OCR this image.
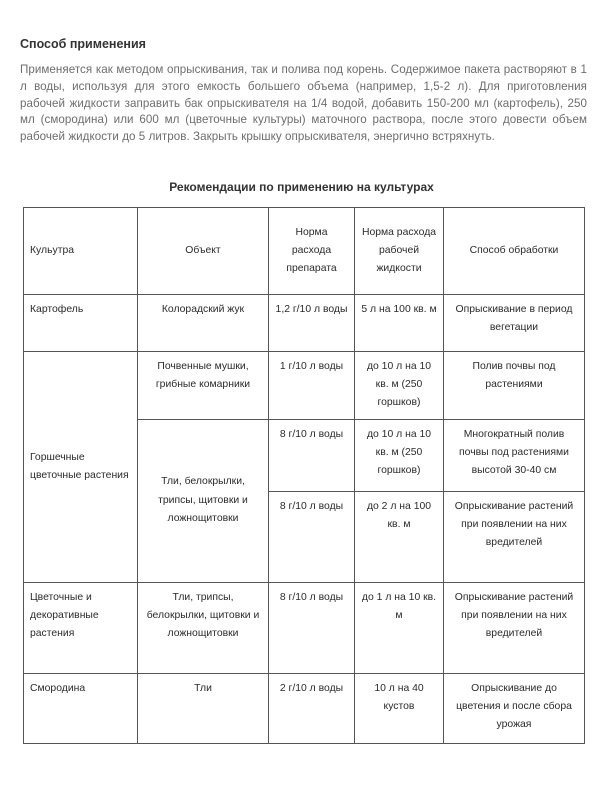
Способ применения
Применяется как методом опрыскивания, так и полива под корень. Содержимое пакета растворяют в 1 л воды, используя для этого емкость большего объема (например, 1,5-2 л). Для приготовления рабочей жидкости заправить бак опрыскивателя на 1/4 водой, добавить 150-200 мл (картофель), 250 мл (смородина) или 600 мл (цветочные культуры) маточного раствора, после этого довести объем рабочей жидкости до 5 литров. Закрыть крышку опрыскивателя, энергично встряхнуть.
Рекомендации по применению на культурах
Кульутра	Объект	Норма расхода препарата	Норма расхода рабочей жидкости	Способ обработки
Картофель	Колорадский жук	1,2 г/10 л воды	5 л на 100 кв. м	Опрыскивание в период вегетации
Горшечные цветочные растения	Почвенные мушки, грибные комарники	1 г/10 л воды	до 10 л на 10 кв. м (250 горшков)	Полив почвы под растениями
	Тли, белокрылки, трипсы, щитовки и ложнощитовки	8 г/10 л воды	до 10 л на 10 кв. м (250 горшков)	Многократный полив почвы под растениями высотой 30-40 см
		8 г/10 л воды	до 2 л на 100 кв. м	Опрыскивание растений при появлении на них вредителей
Цветочные и декоративные растения	Тли, трипсы, белокрылки, щитовки и ложнощитовки	8 г/10 л воды	до 1 л на 10 кв. м	Опрыскивание растений при появлении на них вредителей
Смородина	Тли	2 г/10 л воды	10 л на 40 кустов	Опрыскивание до цветения и после сбора урожая
